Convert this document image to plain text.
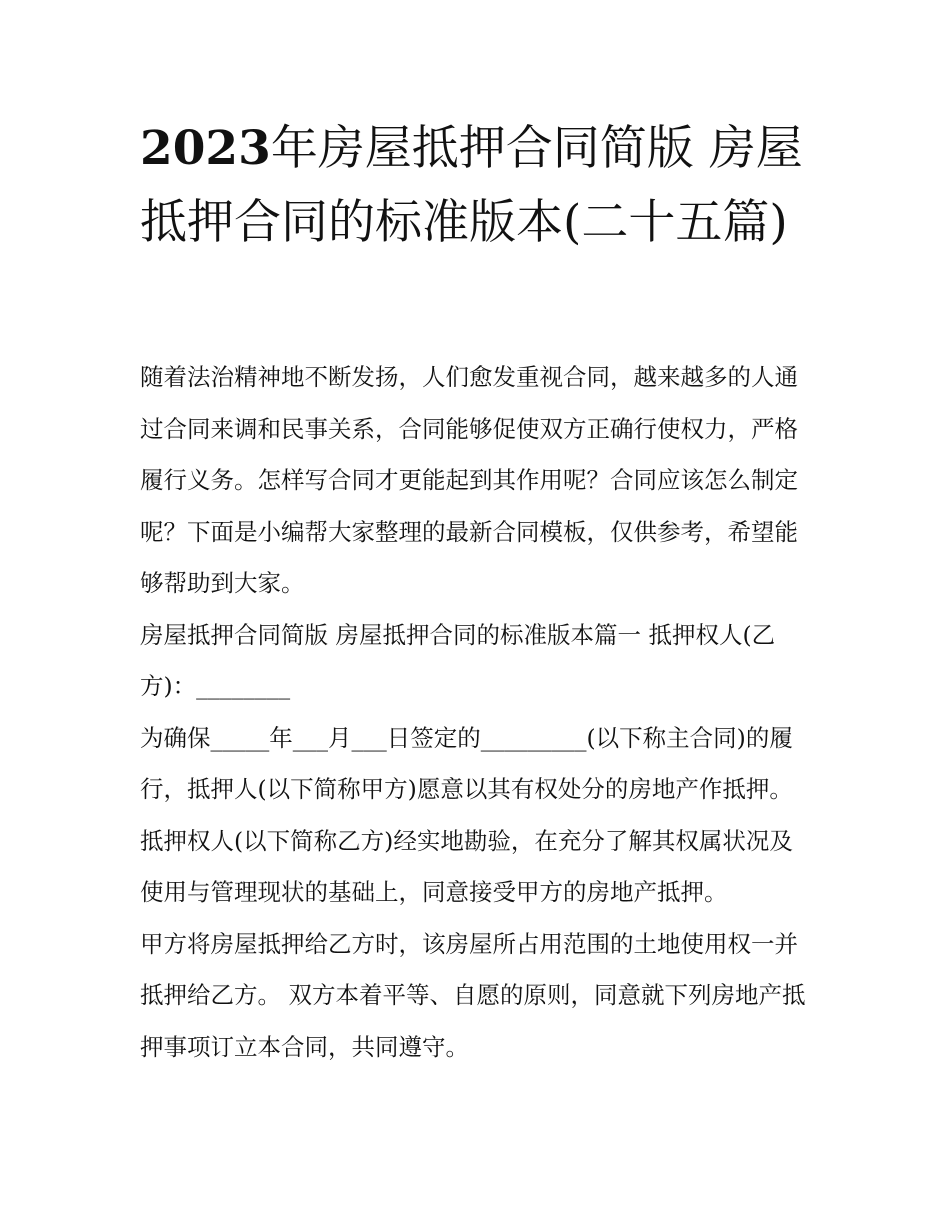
2023年房屋抵押合同简版 房屋抵押合同的标准版本(二十五篇)

随着法治精神地不断发扬，人们愈发重视合同，越来越多的人通过合同来调和民事关系，合同能够促使双方正确行使权力，严格履行义务。怎样写合同才更能起到其作用呢？合同应该怎么制定呢？下面是小编帮大家整理的最新合同模板，仅供参考，希望能够帮助到大家。

房屋抵押合同简版 房屋抵押合同的标准版本篇一 抵押权人(乙方)：________

为确保_____年___月___日签定的_________(以下称主合同)的履行，抵押人(以下简称甲方)愿意以其有权处分的房地产作抵押。抵押权人(以下简称乙方)经实地勘验，在充分了解其权属状况及使用与管理现状的基础上，同意接受甲方的房地产抵押。

甲方将房屋抵押给乙方时，该房屋所占用范围的土地使用权一并抵押给乙方。 双方本着平等、自愿的原则，同意就下列房地产抵押事项订立本合同，共同遵守。
